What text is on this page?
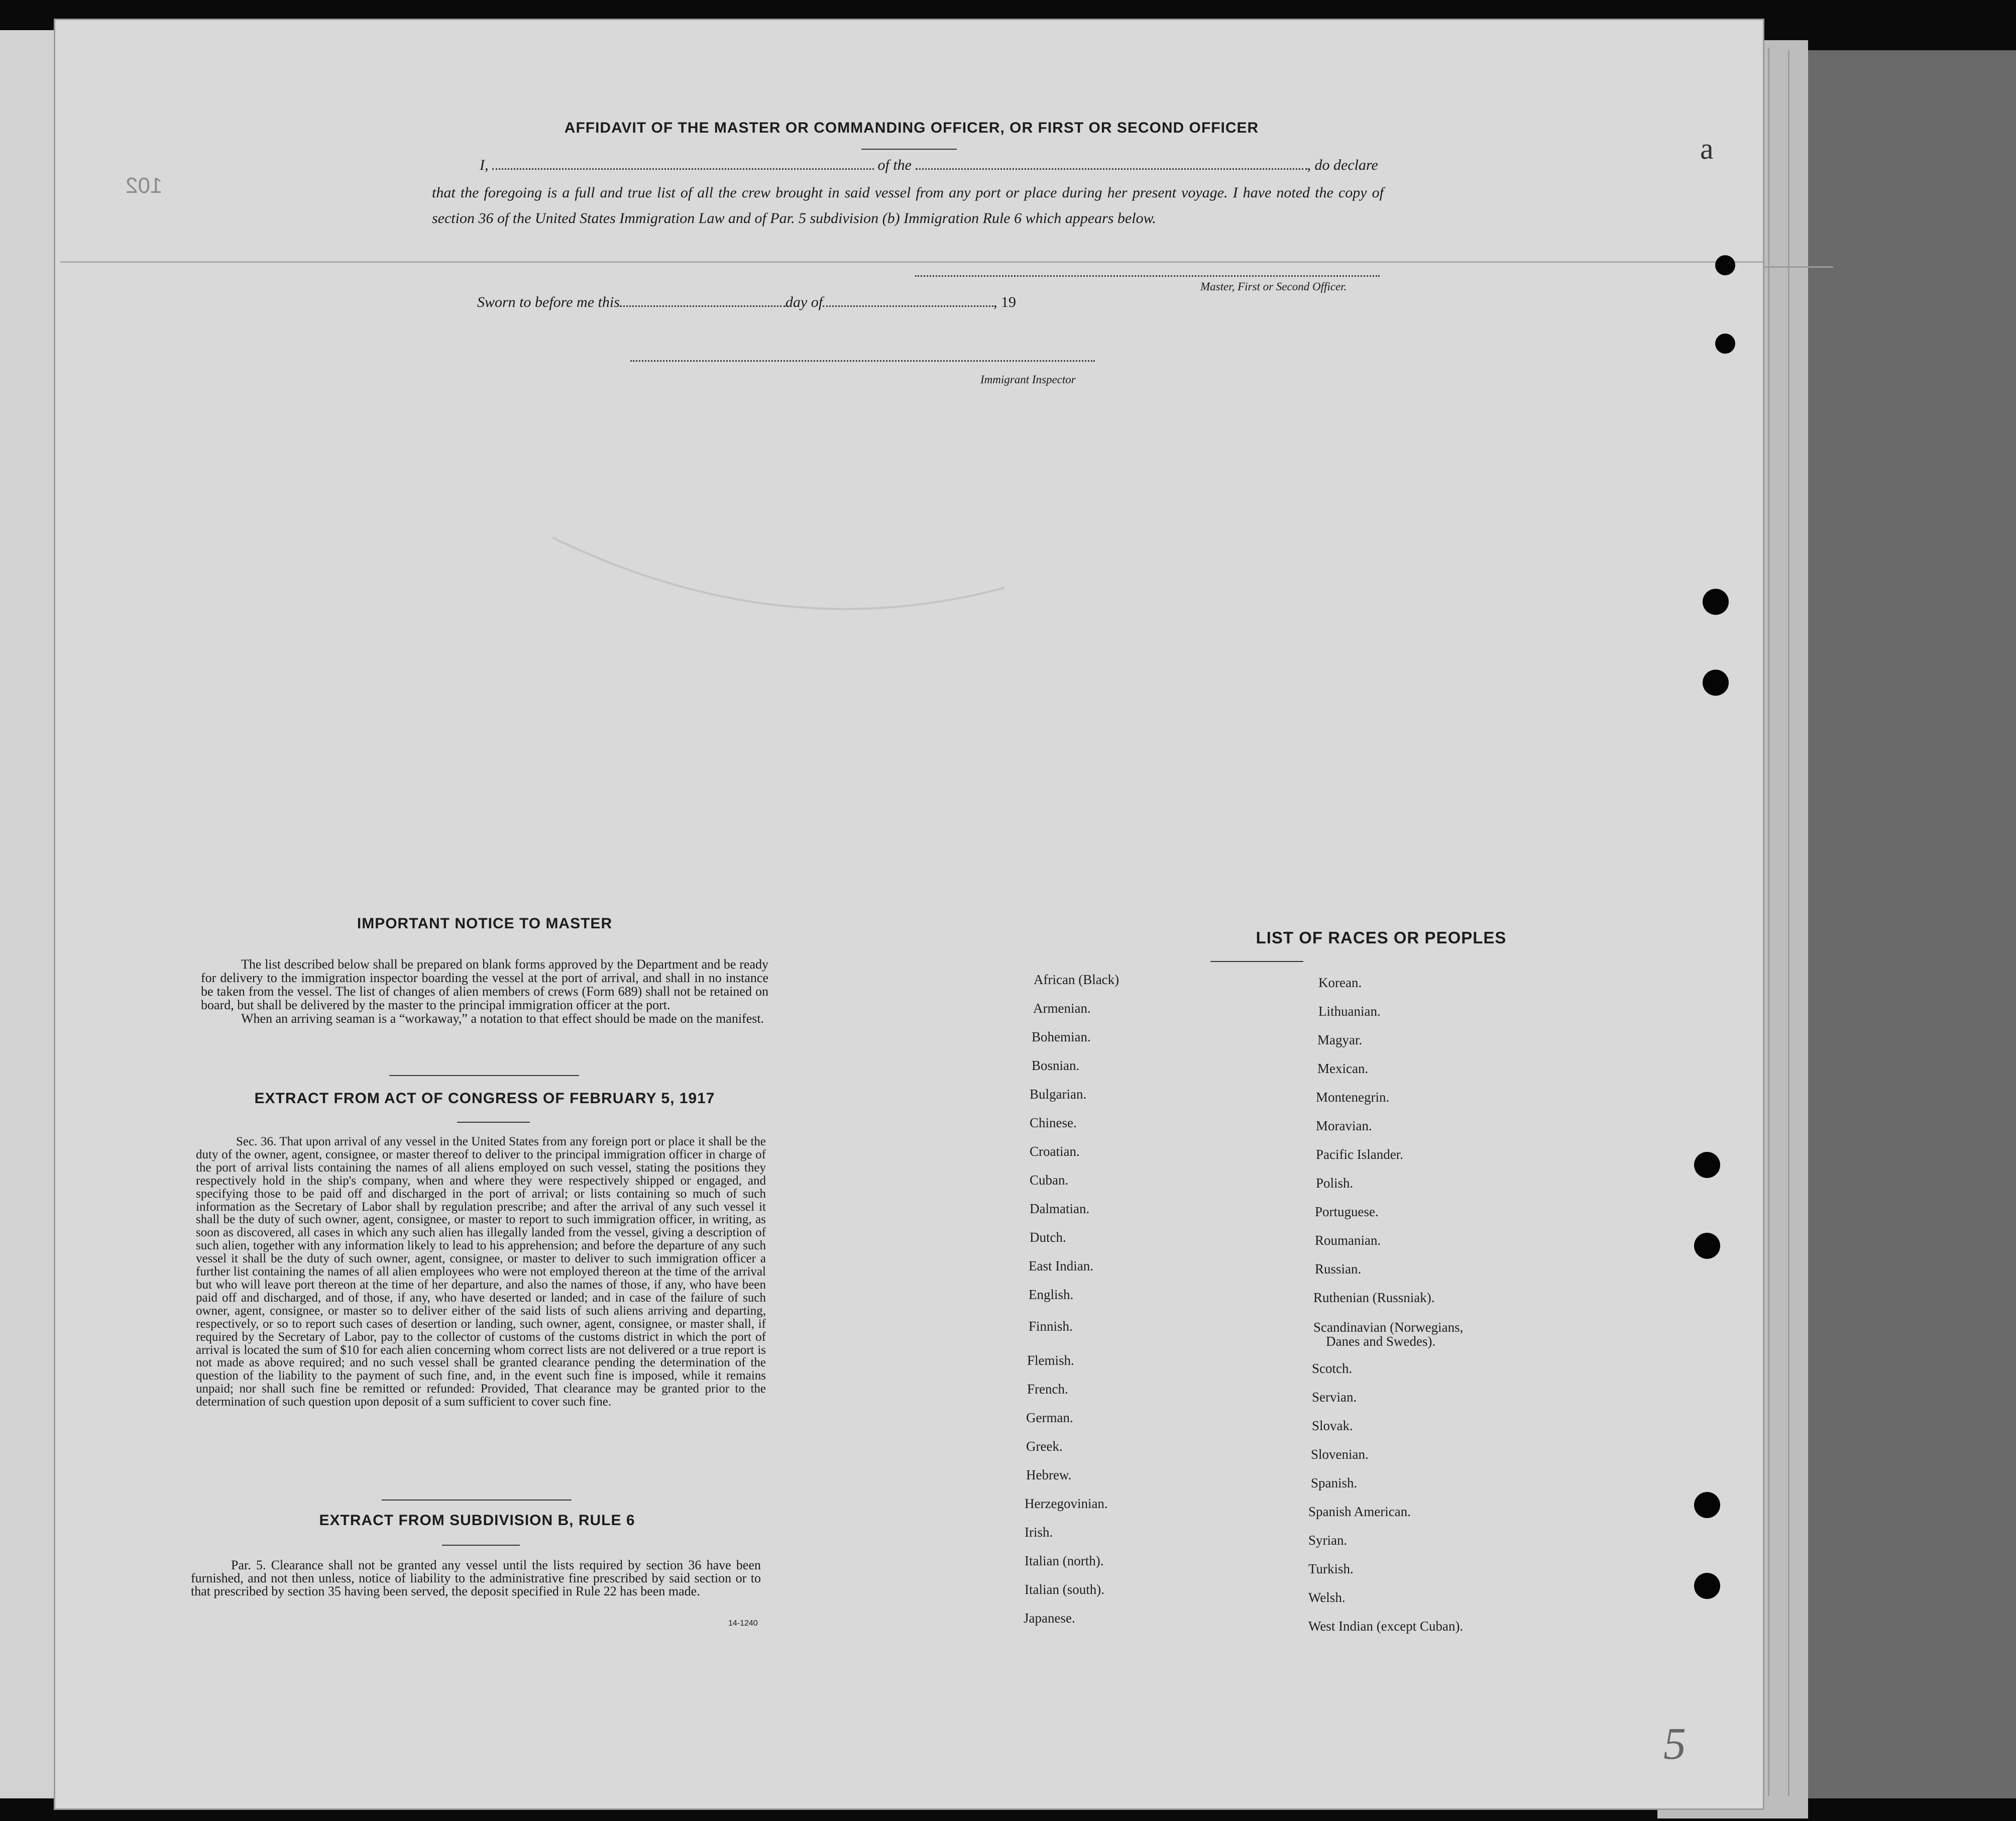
102
a
5
AFFIDAVIT OF THE MASTER OR COMMANDING OFFICER, OR FIRST OR SECOND OFFICER
I,	of the	, do declare
that the foregoing is a full and true list of all the crew brought in said vessel from any port or place during her present voyage. I have noted the copy of section 36 of the United States Immigration Law and of Par. 5 subdivision (b) Immigration Rule 6 which appears below.
Master, First or Second Officer.
Sworn to before me this	day of	, 19
Immigrant Inspector
IMPORTANT NOTICE TO MASTER

The list described below shall be prepared on blank forms approved by the Department and be ready for delivery to the immigration inspector boarding the vessel at the port of arrival, and shall in no instance be taken from the vessel. The list of changes of alien members of crews (Form 689) shall not be retained on board, but shall be delivered by the master to the principal immigration officer at the port.

When an arriving seaman is a “workaway,” a notation to that effect should be made on the manifest.

EXTRACT FROM ACT OF CONGRESS OF FEBRUARY 5, 1917

Sec. 36. That upon arrival of any vessel in the United States from any foreign port or place it shall be the duty of the owner, agent, consignee, or master thereof to deliver to the principal immigration officer in charge of the port of arrival lists containing the names of all aliens employed on such vessel, stating the positions they respectively hold in the ship's company, when and where they were respectively shipped or engaged, and specifying those to be paid off and discharged in the port of arrival; or lists containing so much of such information as the Secretary of Labor shall by regulation prescribe; and after the arrival of any such vessel it shall be the duty of such owner, agent, consignee, or master to report to such immigration officer, in writing, as soon as discovered, all cases in which any such alien has illegally landed from the vessel, giving a description of such alien, together with any information likely to lead to his apprehension; and before the departure of any such vessel it shall be the duty of such owner, agent, consignee, or master to deliver to such immigration officer a further list containing the names of all alien employees who were not employed thereon at the time of the arrival but who will leave port thereon at the time of her departure, and also the names of those, if any, who have been paid off and discharged, and of those, if any, who have deserted or landed; and in case of the failure of such owner, agent, consignee, or master so to deliver either of the said lists of such aliens arriving and departing, respectively, or so to report such cases of desertion or landing, such owner, agent, consignee, or master shall, if required by the Secretary of Labor, pay to the collector of customs of the customs district in which the port of arrival is located the sum of $10 for each alien concerning whom correct lists are not delivered or a true report is not made as above required; and no such vessel shall be granted clearance pending the determination of the question of the liability to the payment of such fine, and, in the event such fine is imposed, while it remains unpaid; nor shall such fine be remitted or refunded: Provided, That clearance may be granted prior to the determination of such question upon deposit of a sum sufficient to cover such fine.

EXTRACT FROM SUBDIVISION B, RULE 6

Par. 5. Clearance shall not be granted any vessel until the lists required by section 36 have been furnished, and not then unless, notice of liability to the administrative fine prescribed by said section or to that prescribed by section 35 having been served, the deposit specified in Rule 22 has been made.

14-1240
LIST OF RACES OR PEOPLES
African (Black)
Armenian.
Bohemian.
Bosnian.
Bulgarian.
Chinese.
Croatian.
Cuban.
Dalmatian.
Dutch.
East Indian.
English.
Finnish.
Flemish.
French.
German.
Greek.
Hebrew.
Herzegovinian.
Irish.
Italian (north).
Italian (south).
Japanese.
Korean.
Lithuanian.
Magyar.
Mexican.
Montenegrin.
Moravian.
Pacific Islander.
Polish.
Portuguese.
Roumanian.
Russian.
Ruthenian (Russniak).
Scandinavian (Norwegians,
Danes and Swedes).
Scotch.
Servian.
Slovak.
Slovenian.
Spanish.
Spanish American.
Syrian.
Turkish.
Welsh.
West Indian (except Cuban).
